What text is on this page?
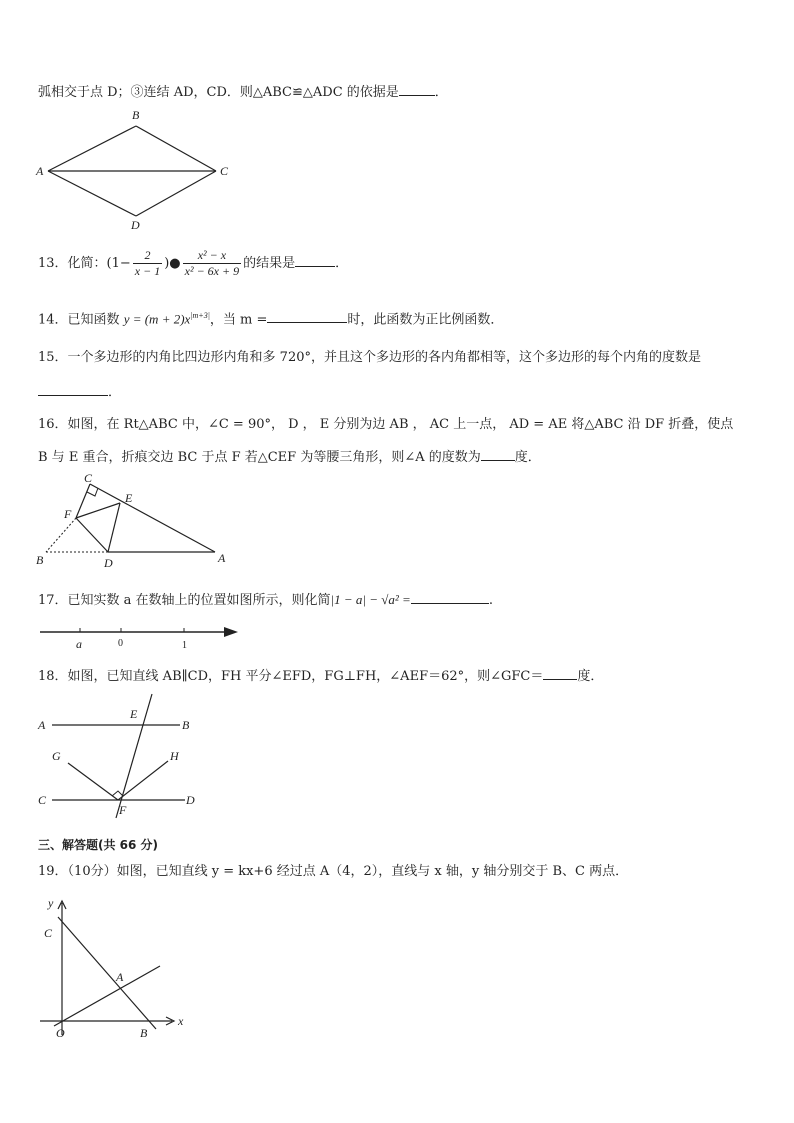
弧相交于点 D；③连结 AD，CD．则△ABC≌△ADC 的依据是	．
B
A	C
D
13．化简：($1- \frac{2}{x - 1}$ )● $\frac{\text{x² − x}}{\text{x² − 6x + 9}}$ 的结果是	．
14．已知函数 $y = (m + 2)x^{|m+3|}$，当 m =	时，此函数为正比例函数．
15．一个多边形的内角比四边形内角和多 720°，并且这个多边形的各内角都相等，这个多边形的每个内角的度数是
．
16．如图，在 Rt△ABC 中，∠C = 90°， D ， E 分别为边 AB ， AC 上一点， AD = AE 将△ABC 沿 DF 折叠，使点
B 与 E 重合，折痕交边 BC 于点 F 若△CEF 为等腰三角形，则∠A 的度数为	度．
C
E
F
B	D	A
17．已知实数 a 在数轴上的位置如图所示，则化简|1 − a| − √a² =	.
a	0	1
18．如图，已知直线 AB∥CD，FH 平分∠EFD，FG⊥FH，∠AEF＝62°，则∠GFC＝	度．
A
E
B
G	H
C
F
D
三、解答题(共 66 分)
19．（10分）如图，已知直线 y = kx+6 经过点 A（4，2），直线与 x 轴，y 轴分别交于 B、C 两点．
y
x
C
A
O	B
